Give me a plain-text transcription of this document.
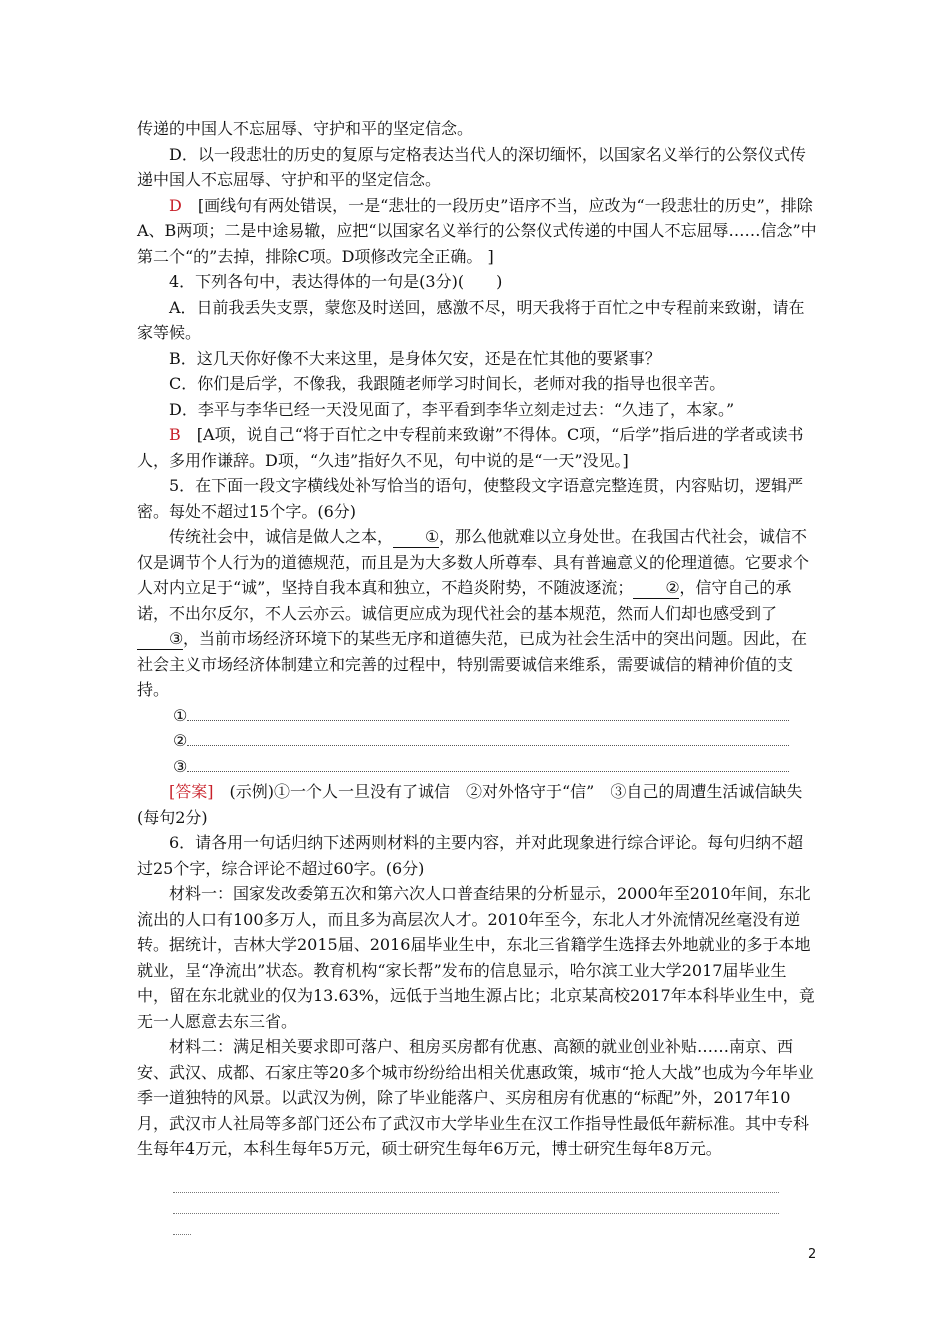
传递的中国人不忘屈辱、守护和平的坚定信念。

D．以一段悲壮的历史的复原与定格表达当代人的深切缅怀，以国家名义举行的公祭仪式传递中国人不忘屈辱、守护和平的坚定信念。

D　 [画线句有两处错误，一是“悲壮的一段历史”语序不当，应改为“一段悲壮的历史”，排除A、B两项；二是中途易辙，应把“以国家名义举行的公祭仪式传递的中国人不忘屈辱……信念”中第二个“的”去掉，排除C项。D项修改完全正确。 ]

4．下列各句中，表达得体的一句是(3分)(　　)

A．日前我丢失支票，蒙您及时送回，感激不尽，明天我将于百忙之中专程前来致谢，请在家等候。

B．这几天你好像不大来这里，是身体欠安，还是在忙其他的要紧事？

C．你们是后学，不像我，我跟随老师学习时间长，老师对我的指导也很辛苦。

D．李平与李华已经一天没见面了，李平看到李华立刻走过去：“久违了，本家。”

B　 [A项，说自己“将于百忙之中专程前来致谢”不得体。C项，“后学”指后进的学者或读书人，多用作谦辞。D项，“久违”指好久不见，句中说的是“一天”没见。]

5．在下面一段文字横线处补写恰当的语句，使整段文字语意完整连贯，内容贴切，逻辑严密。每处不超过15个字。(6分)

传统社会中，诚信是做人之本， ①，那么他就难以立身处世。在我国古代社会，诚信不仅是调节个人行为的道德规范，而且是为大多数人所尊奉、具有普遍意义的伦理道德。它要求个人对内立足于“诚”，坚持自我本真和独立，不趋炎附势，不随波逐流； ②，信守自己的承诺，不出尔反尔，不人云亦云。诚信更应成为现代社会的基本规范，然而人们却也感受到了③，当前市场经济环境下的某些无序和道德失范，已成为社会生活中的突出问题。因此，在社会主义市场经济体制建立和完善的过程中，特别需要诚信来维系，需要诚信的精神价值的支持。

①

②

③

[答案]　 (示例)①一个人一旦没有了诚信　②对外恪守于“信”　③自己的周遭生活诚信缺失(每句2分)

6．请各用一句话归纳下述两则材料的主要内容，并对此现象进行综合评论。每句归纳不超过25个字，综合评论不超过60字。(6分)

材料一：国家发改委第五次和第六次人口普查结果的分析显示，2000年至2010年间，东北流出的人口有100多万人，而且多为高层次人才。2010年至今，东北人才外流情况丝毫没有逆转。据统计，吉林大学2015届、2016届毕业生中，东北三省籍学生选择去外地就业的多于本地就业，呈“净流出”状态。教育机构“家长帮”发布的信息显示，哈尔滨工业大学2017届毕业生中，留在东北就业的仅为13.63%，远低于当地生源占比；北京某高校2017年本科毕业生中，竟无一人愿意去东三省。

材料二：满足相关要求即可落户、租房买房都有优惠、高额的就业创业补贴……南京、西安、武汉、成都、石家庄等20多个城市纷纷给出相关优惠政策，城市“抢人大战”也成为今年毕业季一道独特的风景。以武汉为例，除了毕业能落户、买房租房有优惠的“标配”外，2017年10月，武汉市人社局等多部门还公布了武汉市大学毕业生在汉工作指导性最低年薪标准。其中专科生每年4万元，本科生每年5万元，硕士研究生每年6万元，博士研究生每年8万元。

2
